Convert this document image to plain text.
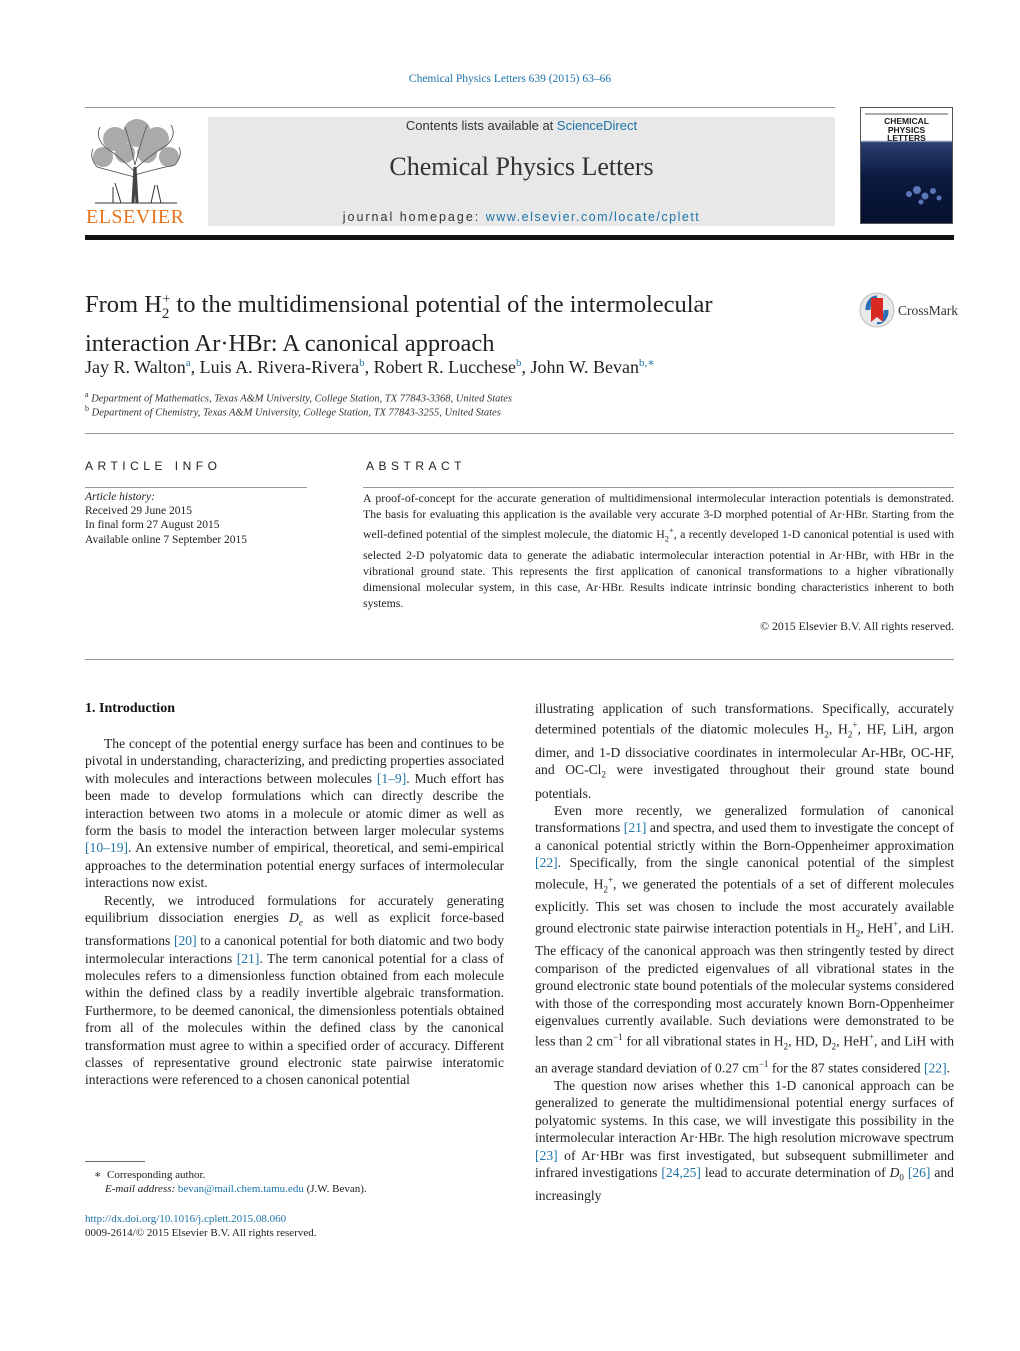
Chemical Physics Letters 639 (2015) 63–66
ELSEVIER
Contents lists available at ScienceDirect
Chemical Physics Letters
journal homepage: www.elsevier.com/locate/cplett
CHEMICAL
PHYSICS
LETTERS
From $H_2^+$ to the multidimensional potential of the intermolecular
interaction Ar·HBr: A canonical approach
CrossMark
Jay R. Walton$^a$, Luis A. Rivera-Rivera$^b$, Robert R. Lucchese$^b$, John W. Bevan$^{b,∗}$
$^a$ Department of Mathematics, Texas A&M University, College Station, TX 77843-3368, United States
$^b$ Department of Chemistry, Texas A&M University, College Station, TX 77843-3255, United States
ARTICLE INFO
Article history:
Received 29 June 2015
In final form 27 August 2015
Available online 7 September 2015
ABSTRACT
A proof-of-concept for the accurate generation of multidimensional intermolecular interaction potentials is demonstrated. The basis for evaluating this application is the available very accurate 3-D morphed potential of Ar·HBr. Starting from the well-defined potential of the simplest molecule, the diatomic $H_2^+$, a recently developed 1-D canonical potential is used with selected 2-D polyatomic data to generate the adiabatic intermolecular interaction potential in Ar·HBr, with HBr in the vibrational ground state. This represents the first application of canonical transformations to a higher vibrationally dimensional molecular system, in this case, Ar·HBr. Results indicate intrinsic bonding characteristics inherent to both systems.
© 2015 Elsevier B.V. All rights reserved.
1. Introduction

The concept of the potential energy surface has been and continues to be pivotal in understanding, characterizing, and predicting properties associated with molecules and interactions between molecules [1–9]. Much effort has been made to develop formulations which can directly describe the interaction between two atoms in a molecule or atomic dimer as well as form the basis to model the interaction between larger molecular systems [10–19]. An extensive number of empirical, theoretical, and semi-empirical approaches to the determination potential energy surfaces of intermolecular interactions now exist.

Recently, we introduced formulations for accurately generating equilibrium dissociation energies $D_e$ as well as explicit force-based transformations [20] to a canonical potential for both diatomic and two body intermolecular interactions [21]. The term canonical potential for a class of molecules refers to a dimensionless function obtained from each molecule within the defined class by a readily invertible algebraic transformation. Furthermore, to be deemed canonical, the dimensionless potentials obtained from all of the molecules within the defined class by the canonical transformation must agree to within a specified order of accuracy. Different classes of representative ground electronic state pairwise interatomic interactions were referenced to a chosen canonical potential

illustrating application of such transformations. Specifically, accurately determined potentials of the diatomic molecules $H_2$, $H_2^+$, HF, LiH, argon dimer, and 1-D dissociative coordinates in intermolecular Ar-HBr, OC-HF, and $OC-Cl_2$ were investigated throughout their ground state bound potentials.

Even more recently, we generalized formulation of canonical transformations [21] and spectra, and used them to investigate the concept of a canonical potential strictly within the Born-Oppenheimer approximation [22]. Specifically, from the single canonical potential of the simplest molecule, $H_2^+$, we generated the potentials of a set of different molecules explicitly. This set was chosen to include the most accurately available ground electronic state pairwise interaction potentials in $H_2$, HeH+, and LiH. The efficacy of the canonical approach was then stringently tested by direct comparison of the predicted eigenvalues of all vibrational states in the ground electronic state bound potentials of the molecular systems considered with those of the corresponding most accurately known Born-Oppenheimer eigenvalues currently available. Such deviations were demonstrated to be less than 2 $cm^{-1}$ for all vibrational states in $H_2$, HD, $D_2$, HeH+, and LiH with an average standard deviation of 0.27 $cm^{-1}$ for the 87 states considered [22].

The question now arises whether this 1-D canonical approach can be generalized to generate the multidimensional potential energy surfaces of polyatomic systems. In this case, we will investigate this possibility in the intermolecular interaction Ar·HBr. The high resolution microwave spectrum [23] of Ar·HBr was first investigated, but subsequent submillimeter and infrared investigations [24,25] lead to accurate determination of $D_0$ [26] and increasingly

∗ Corresponding author.
E-mail address: bevan@mail.chem.tamu.edu (J.W. Bevan).
http://dx.doi.org/10.1016/j.cplett.2015.08.060
0009-2614/© 2015 Elsevier B.V. All rights reserved.
